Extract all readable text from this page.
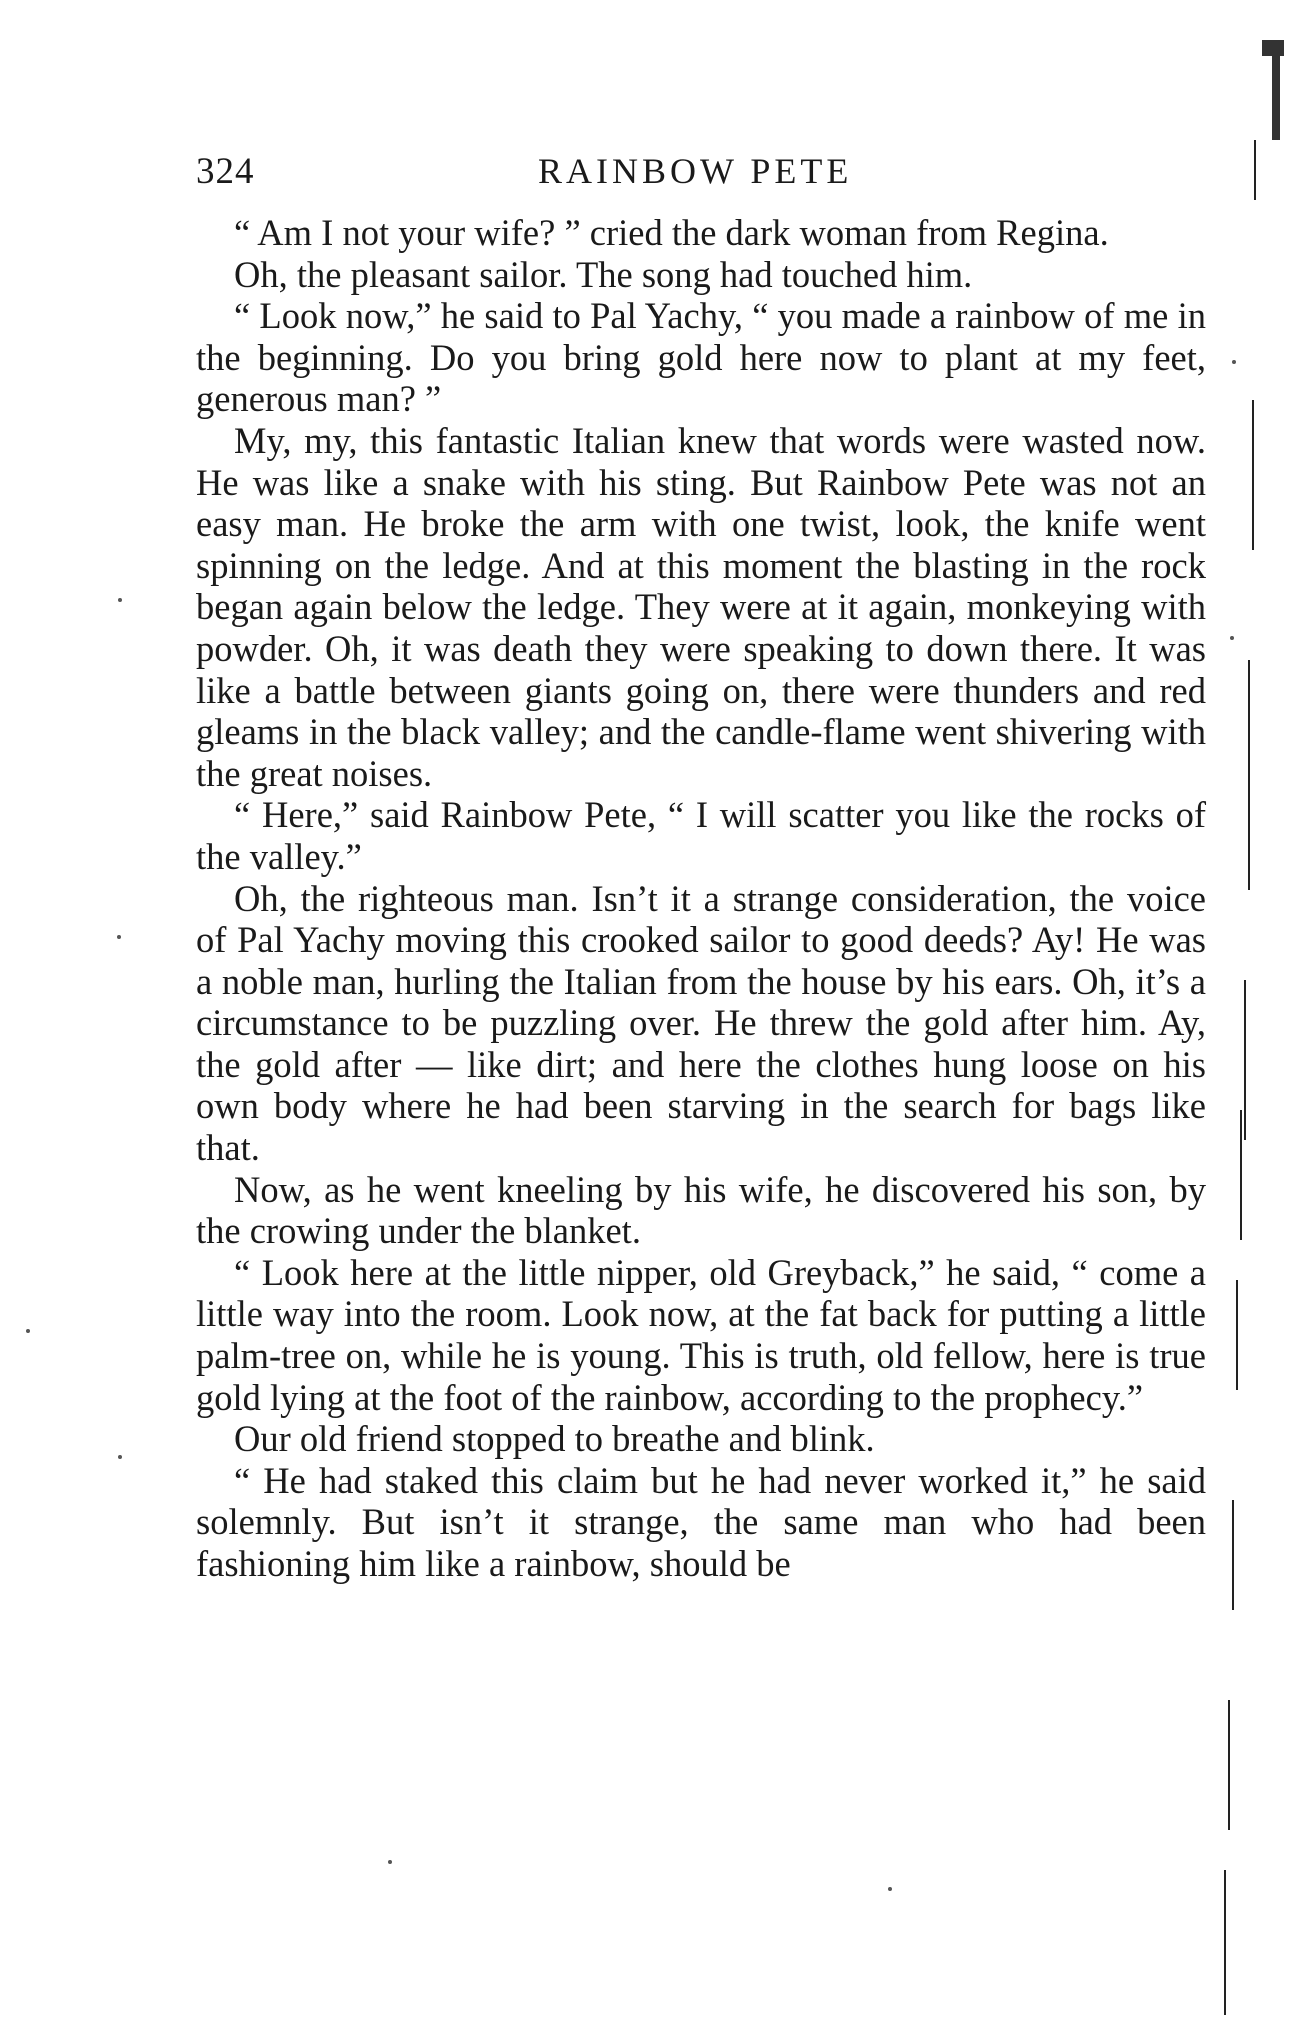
324	RAINBOW PETE

“ Am I not your wife? ” cried the dark woman from Regina.

Oh, the pleasant sailor. The song had touched him.

“ Look now,” he said to Pal Yachy, “ you made a rainbow of me in the beginning. Do you bring gold here now to plant at my feet, generous man? ”

My, my, this fantastic Italian knew that words were wasted now. He was like a snake with his sting. But Rainbow Pete was not an easy man. He broke the arm with one twist, look, the knife went spinning on the ledge. And at this moment the blasting in the rock began again below the ledge. They were at it again, monkeying with powder. Oh, it was death they were speaking to down there. It was like a battle between giants going on, there were thunders and red gleams in the black valley; and the candle-flame went shivering with the great noises.

“ Here,” said Rainbow Pete, “ I will scatter you like the rocks of the valley.”

Oh, the righteous man. Isn’t it a strange consideration, the voice of Pal Yachy moving this crooked sailor to good deeds? Ay! He was a noble man, hurling the Italian from the house by his ears. Oh, it’s a circumstance to be puzzling over. He threw the gold after him. Ay, the gold after — like dirt; and here the clothes hung loose on his own body where he had been starving in the search for bags like that.

Now, as he went kneeling by his wife, he discovered his son, by the crowing under the blanket.

“ Look here at the little nipper, old Greyback,” he said, “ come a little way into the room. Look now, at the fat back for putting a little palm-tree on, while he is young. This is truth, old fellow, here is true gold lying at the foot of the rainbow, according to the prophecy.”

Our old friend stopped to breathe and blink.

“ He had staked this claim but he had never worked it,” he said solemnly. But isn’t it strange, the same man who had been fashioning him like a rainbow, should be
